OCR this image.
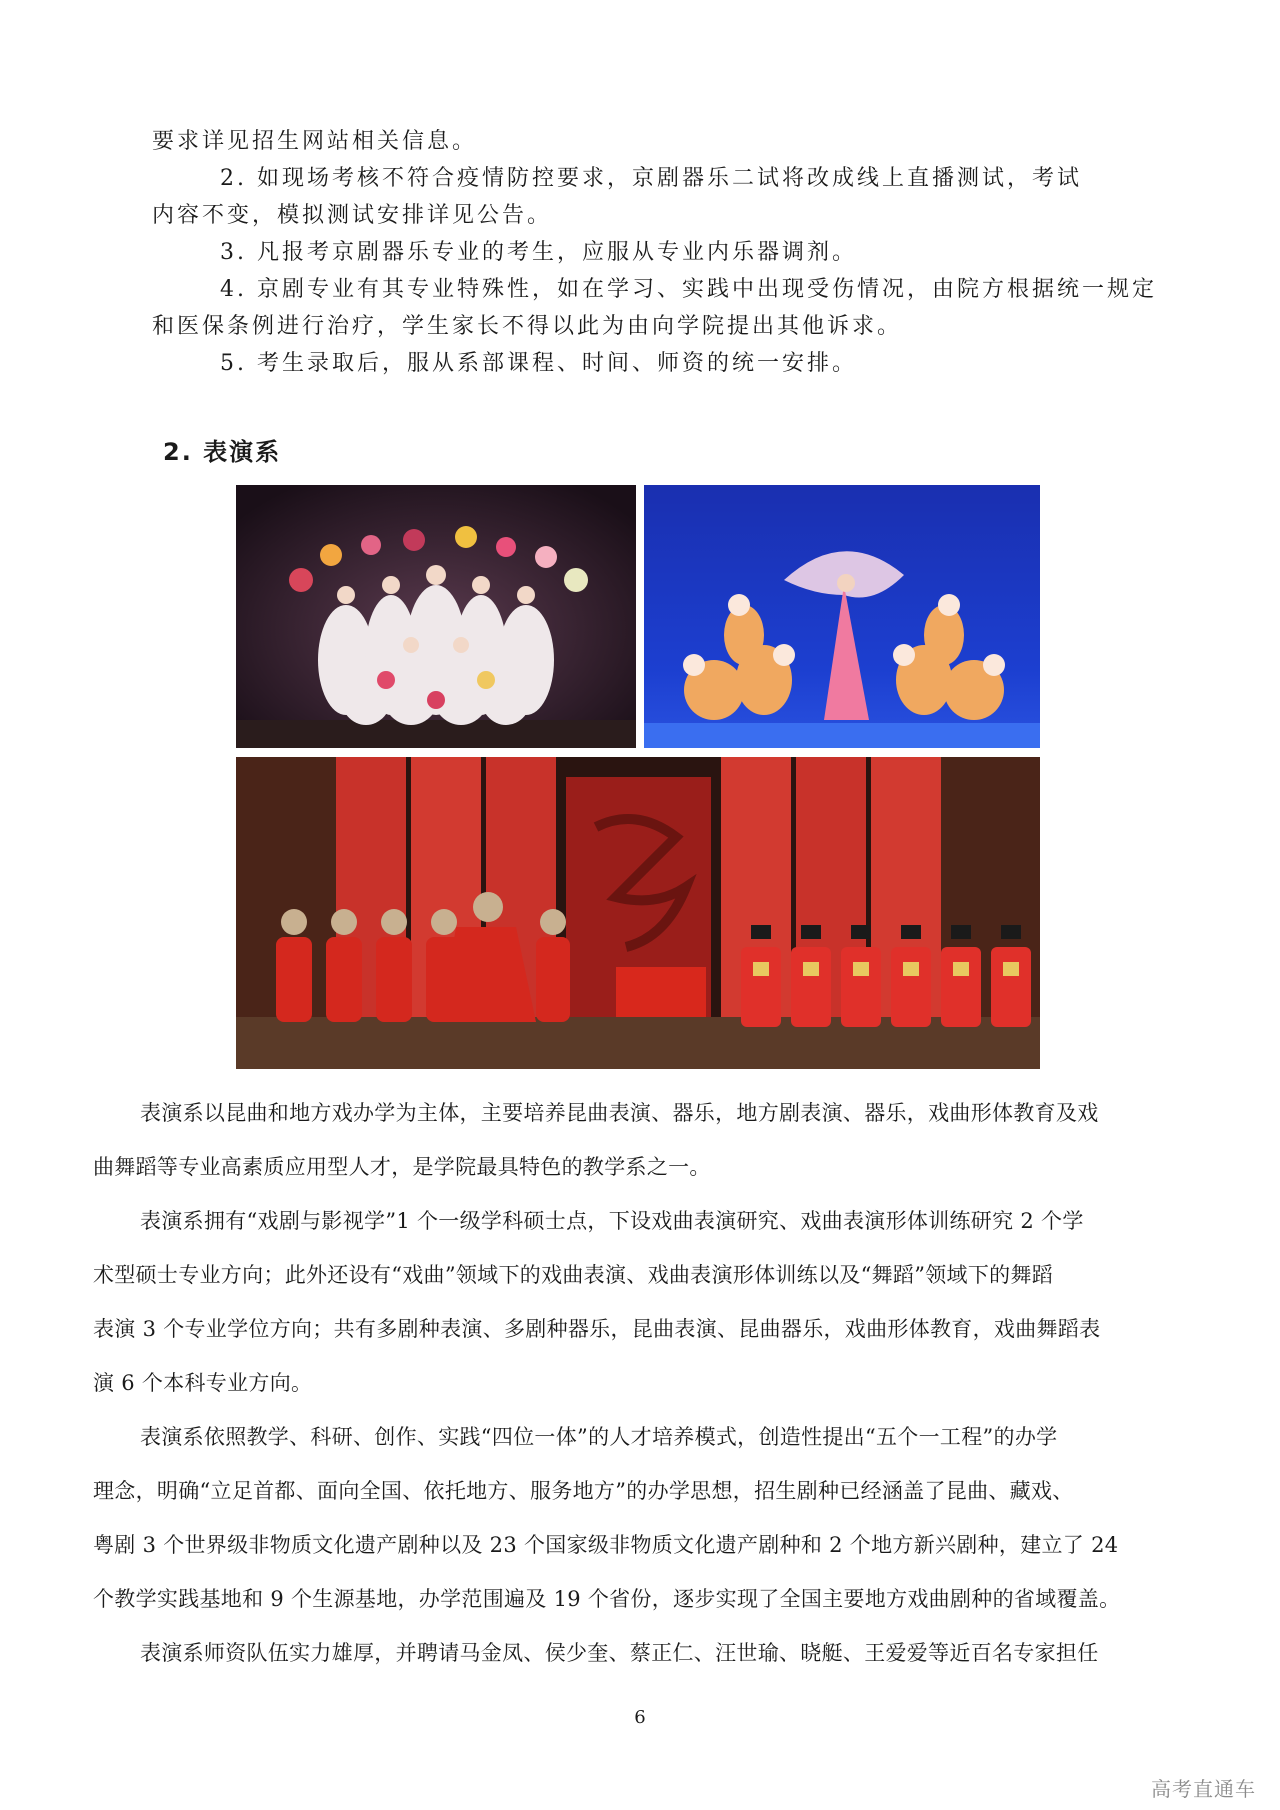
要求详见招生网站相关信息。
2. 如现场考核不符合疫情防控要求，京剧器乐二试将改成线上直播测试，考试
内容不变，模拟测试安排详见公告。
3. 凡报考京剧器乐专业的考生，应服从专业内乐器调剂。
4. 京剧专业有其专业特殊性，如在学习、实践中出现受伤情况，由院方根据统一规定
和医保条例进行治疗，学生家长不得以此为由向学院提出其他诉求。
5. 考生录取后，服从系部课程、时间、师资的统一安排。
2. 表演系
表演系以昆曲和地方戏办学为主体，主要培养昆曲表演、器乐，地方剧表演、器乐，戏曲形体教育及戏
曲舞蹈等专业高素质应用型人才，是学院最具特色的教学系之一。
表演系拥有“戏剧与影视学”1 个一级学科硕士点，下设戏曲表演研究、戏曲表演形体训练研究 2 个学
术型硕士专业方向；此外还设有“戏曲”领域下的戏曲表演、戏曲表演形体训练以及“舞蹈”领域下的舞蹈
表演 3 个专业学位方向；共有多剧种表演、多剧种器乐，昆曲表演、昆曲器乐，戏曲形体教育，戏曲舞蹈表
演 6 个本科专业方向。
表演系依照教学、科研、创作、实践“四位一体”的人才培养模式，创造性提出“五个一工程”的办学
理念，明确“立足首都、面向全国、依托地方、服务地方”的办学思想，招生剧种已经涵盖了昆曲、藏戏、
粤剧 3 个世界级非物质文化遗产剧种以及 23 个国家级非物质文化遗产剧种和 2 个地方新兴剧种，建立了 24
个教学实践基地和 9 个生源基地，办学范围遍及 19 个省份，逐步实现了全国主要地方戏曲剧种的省域覆盖。
表演系师资队伍实力雄厚，并聘请马金凤、侯少奎、蔡正仁、汪世瑜、晓艇、王爱爱等近百名专家担任
6
高考直通车
